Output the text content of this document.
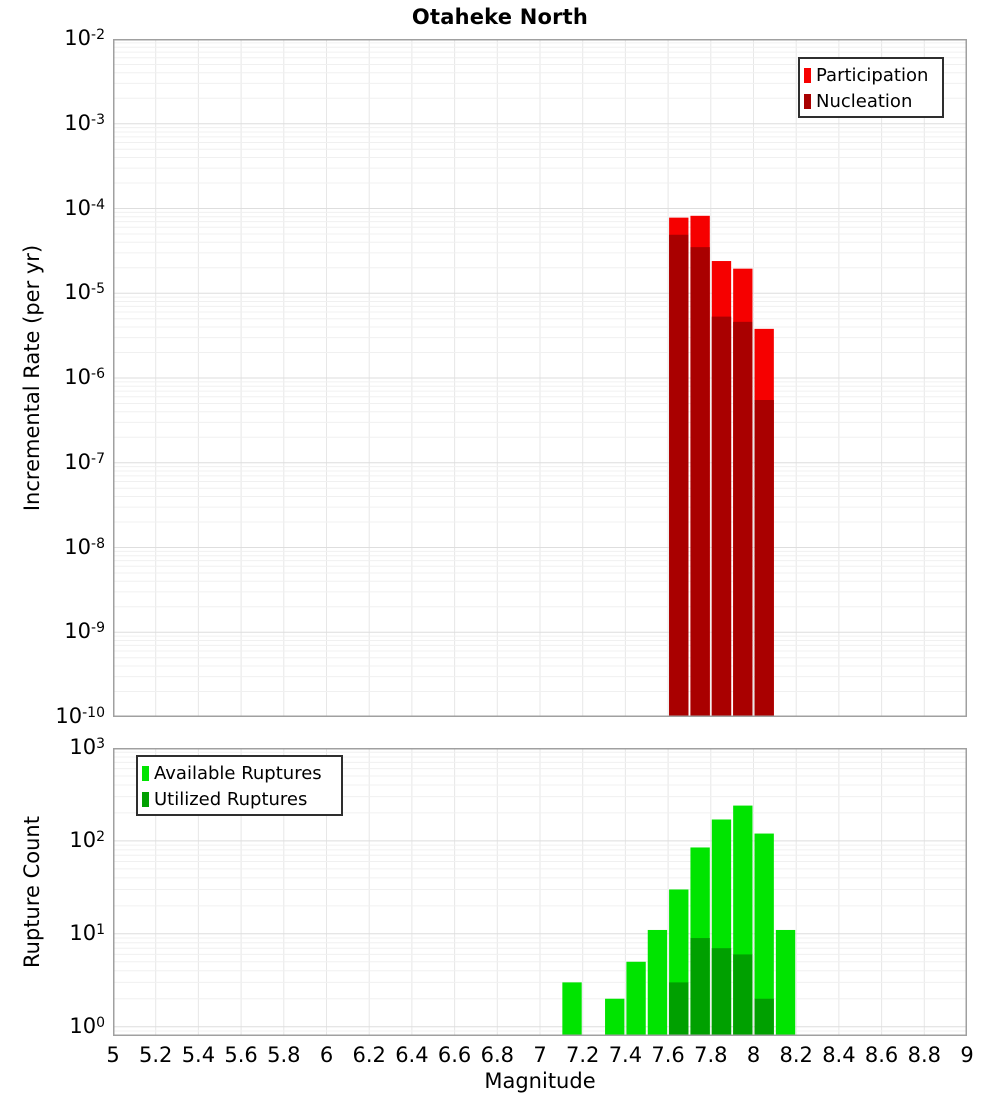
Otaheke North
Incremental Rate (per yr)
Rupture Count
Magnitude
Participation
Nucleation
Available Ruptures
Utilized Ruptures
$10^{-2}$
$10^{-3}$
$10^{-4}$
$10^{-5}$
$10^{-6}$
$10^{-7}$
$10^{-8}$
$10^{-9}$
$10^{-10}$
$10^3$
$10^2$
$10^1$
$10^0$
5 5.2 5.4 5.6 5.8 6 6.2 6.4 6.6 6.8 7 7.2 7.4 7.6 7.8 8 8.2 8.4 8.6 8.8 9
